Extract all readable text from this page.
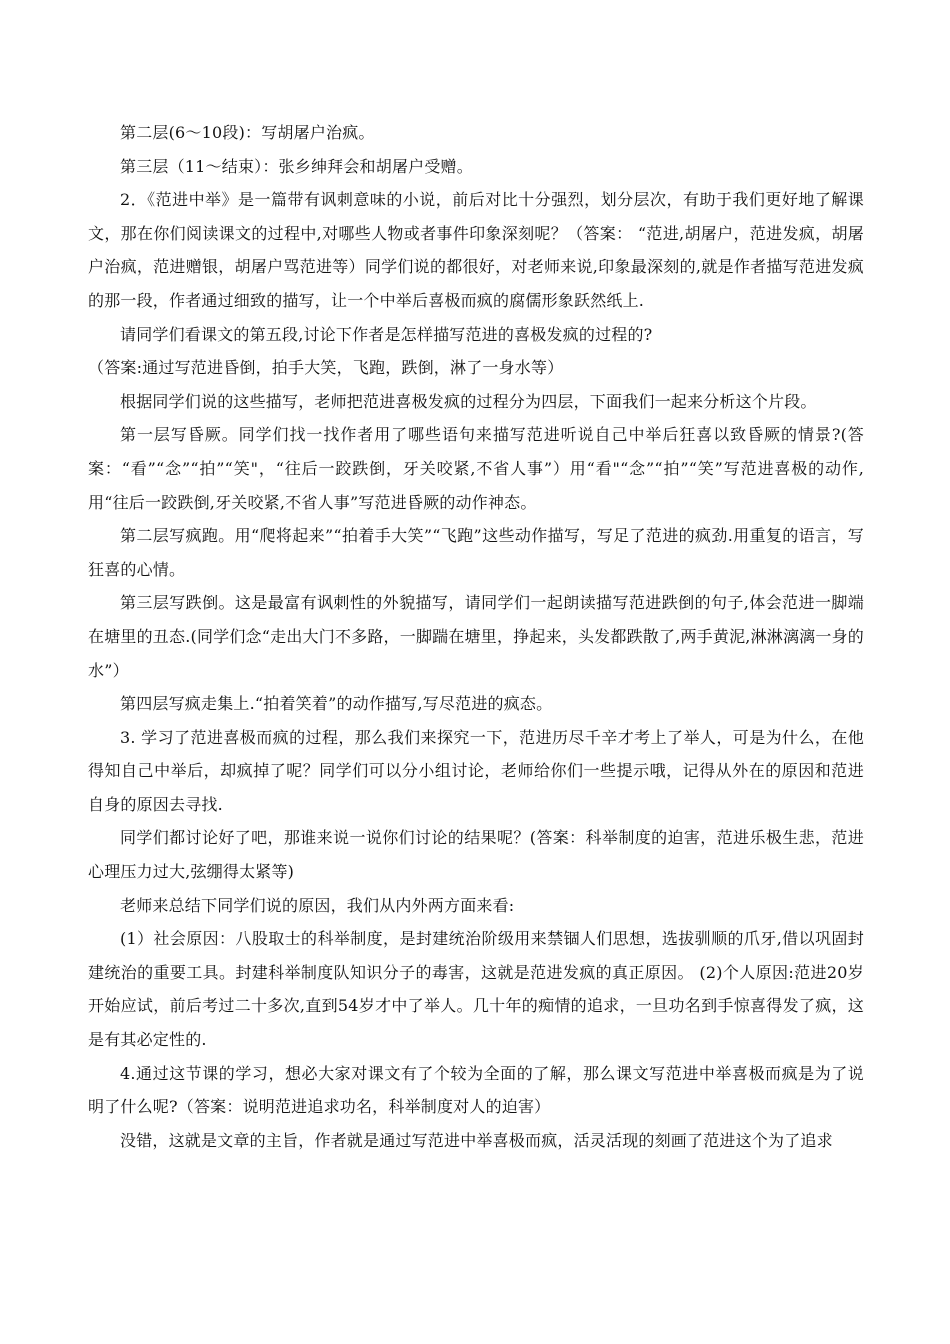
第二层(6～10段)：写胡屠户治疯。

第三层（11～结束）：张乡绅拜会和胡屠户受赠。

2．《范进中举》是一篇带有讽刺意味的小说，前后对比十分强烈，划分层次，有助于我们更好地了解课文，那在你们阅读课文的过程中,对哪些人物或者事件印象深刻呢？（答案： “范进,胡屠户，范进发疯，胡屠户治疯，范进赠银，胡屠户骂范进等）同学们说的都很好，对老师来说,印象最深刻的,就是作者描写范进发疯的那一段，作者通过细致的描写，让一个中举后喜极而疯的腐儒形象跃然纸上.

请同学们看课文的第五段,讨论下作者是怎样描写范进的喜极发疯的过程的?

（答案:通过写范进昏倒，拍手大笑，飞跑，跌倒，淋了一身水等）

根据同学们说的这些描写，老师把范进喜极发疯的过程分为四层，下面我们一起来分析这个片段。

第一层写昏厥。同学们找一找作者用了哪些语句来描写范进听说自己中举后狂喜以致昏厥的情景?(答案：“看”“念”“拍”“笑"，“往后一跤跌倒，牙关咬紧,不省人事”）用“看"“念”“拍”“笑”写范进喜极的动作,用“往后一跤跌倒,牙关咬紧,不省人事”写范进昏厥的动作神态。

第二层写疯跑。用“爬将起来”“拍着手大笑”“飞跑”这些动作描写，写足了范进的疯劲.用重复的语言，写狂喜的心情。

第三层写跌倒。这是最富有讽刺性的外貌描写，请同学们一起朗读描写范进跌倒的句子,体会范进一脚端在塘里的丑态.(同学们念“走出大门不多路，一脚踹在塘里，挣起来，头发都跌散了,两手黄泥,淋淋漓漓一身的水”）

第四层写疯走集上.“拍着笑着”的动作描写,写尽范进的疯态。

3. 学习了范进喜极而疯的过程，那么我们来探究一下，范进历尽千辛才考上了举人，可是为什么，在他得知自己中举后，却疯掉了呢？同学们可以分小组讨论，老师给你们一些提示哦，记得从外在的原因和范进自身的原因去寻找.

同学们都讨论好了吧，那谁来说一说你们讨论的结果呢？(答案：科举制度的迫害，范进乐极生悲，范进心理压力过大,弦绷得太紧等)

老师来总结下同学们说的原因，我们从内外两方面来看:

(1）社会原因：八股取士的科举制度，是封建统治阶级用来禁锢人们思想，选拔驯顺的爪牙,借以巩固封建统治的重要工具。封建科举制度队知识分子的毒害，这就是范进发疯的真正原因。 (2)个人原因:范进20岁开始应试，前后考过二十多次,直到54岁才中了举人。几十年的痴情的追求，一旦功名到手惊喜得发了疯，这是有其必定性的.

4.通过这节课的学习，想必大家对课文有了个较为全面的了解，那么课文写范进中举喜极而疯是为了说明了什么呢?（答案：说明范进追求功名，科举制度对人的迫害）

没错，这就是文章的主旨，作者就是通过写范进中举喜极而疯，活灵活现的刻画了范进这个为了追求
